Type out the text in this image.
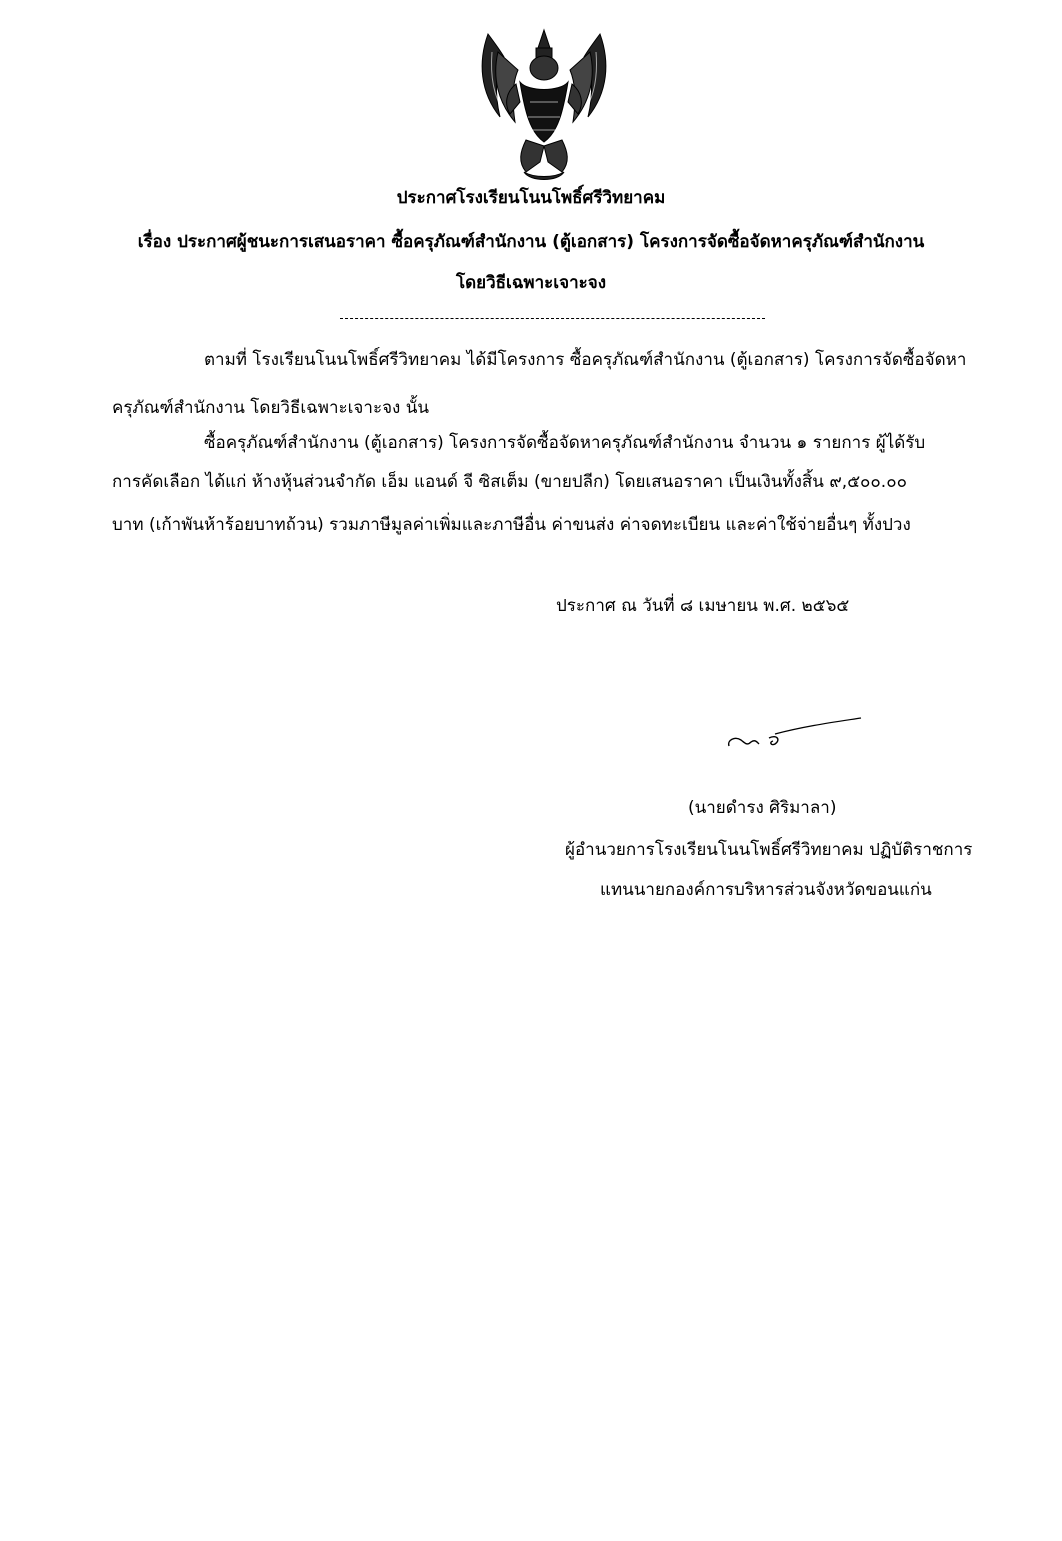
ประกาศโรงเรียนโนนโพธิ์ศรีวิทยาคม
เรื่อง ประกาศผู้ชนะการเสนอราคา ซื้อครุภัณฑ์สำนักงาน (ตู้เอกสาร) โครงการจัดซื้อจัดหาครุภัณฑ์สำนักงาน
โดยวิธีเฉพาะเจาะจง
ตามที่ โรงเรียนโนนโพธิ์ศรีวิทยาคม ได้มีโครงการ ซื้อครุภัณฑ์สำนักงาน (ตู้เอกสาร) โครงการจัดซื้อจัดหา
ครุภัณฑ์สำนักงาน โดยวิธีเฉพาะเจาะจง นั้น
ซื้อครุภัณฑ์สำนักงาน (ตู้เอกสาร) โครงการจัดซื้อจัดหาครุภัณฑ์สำนักงาน จำนวน ๑ รายการ ผู้ได้รับ
การคัดเลือก ได้แก่ ห้างหุ้นส่วนจำกัด เอ็ม แอนด์ จี ซิสเต็ม (ขายปลีก) โดยเสนอราคา เป็นเงินทั้งสิ้น ๙,๕๐๐.๐๐
บาท (เก้าพันห้าร้อยบาทถ้วน) รวมภาษีมูลค่าเพิ่มและภาษีอื่น ค่าขนส่ง ค่าจดทะเบียน และค่าใช้จ่ายอื่นๆ ทั้งปวง
ประกาศ ณ วันที่ ๘ เมษายน พ.ศ. ๒๕๖๕
(นายดำรง ศิริมาลา)
ผู้อำนวยการโรงเรียนโนนโพธิ์ศรีวิทยาคม ปฏิบัติราชการ
แทนนายกองค์การบริหารส่วนจังหวัดขอนแก่น
